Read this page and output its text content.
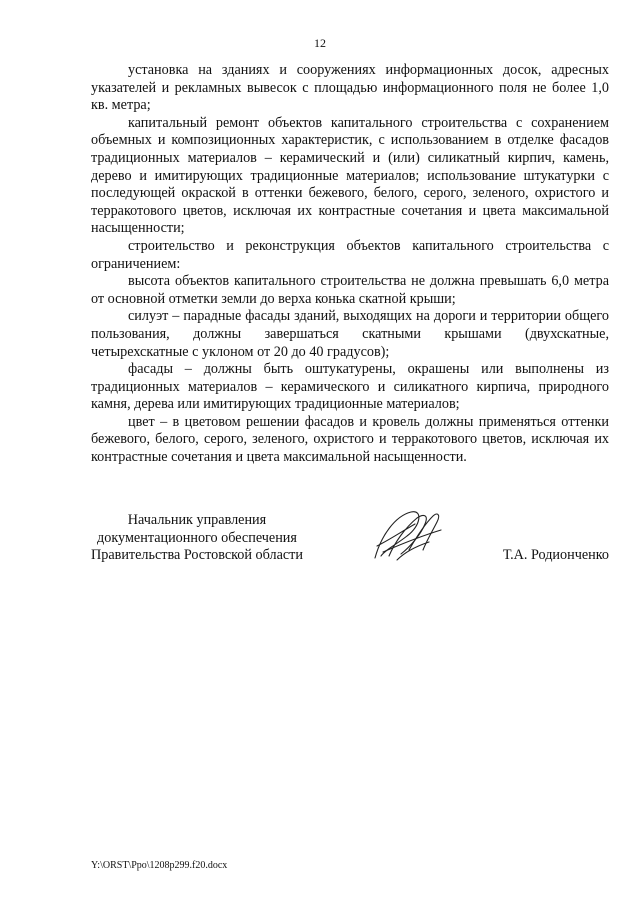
12

установка на зданиях и сооружениях информационных досок, адресных указателей и рекламных вывесок с площадью информационного поля не более 1,0 кв. метра;

капитальный ремонт объектов капитального строительства с сохранением объемных и композиционных характеристик, с использованием в отделке фасадов традиционных материалов – керамический и (или) силикатный кирпич, камень, дерево и имитирующих традиционные материалов; использование штукатурки с последующей окраской в оттенки бежевого, белого, серого, зеленого, охристого и терракотового цветов, исключая их контрастные сочетания и цвета максимальной насыщенности;

строительство и реконструкция объектов капитального строительства с ограничением:

высота объектов капитального строительства не должна превышать 6,0 метра от основной отметки земли до верха конька скатной крыши;

силуэт – парадные фасады зданий, выходящих на дороги и территории общего пользования, должны завершаться скатными крышами (двухскатные, четырехскатные с уклоном от 20 до 40 градусов);

фасады – должны быть оштукатурены, окрашены или выполнены из традиционных материалов – керамического и силикатного кирпича, природного камня, дерева или имитирующих традиционные материалов;

цвет – в цветовом решении фасадов и кровель должны применяться оттенки бежевого, белого, серого, зеленого, охристого и терракотового цветов, исключая их контрастные сочетания и цвета максимальной насыщенности.

Начальник управления
документационного обеспечения
Правительства Ростовской области	Т.А. Родионченко
Y:\ORST\Ppo\1208p299.f20.docx
